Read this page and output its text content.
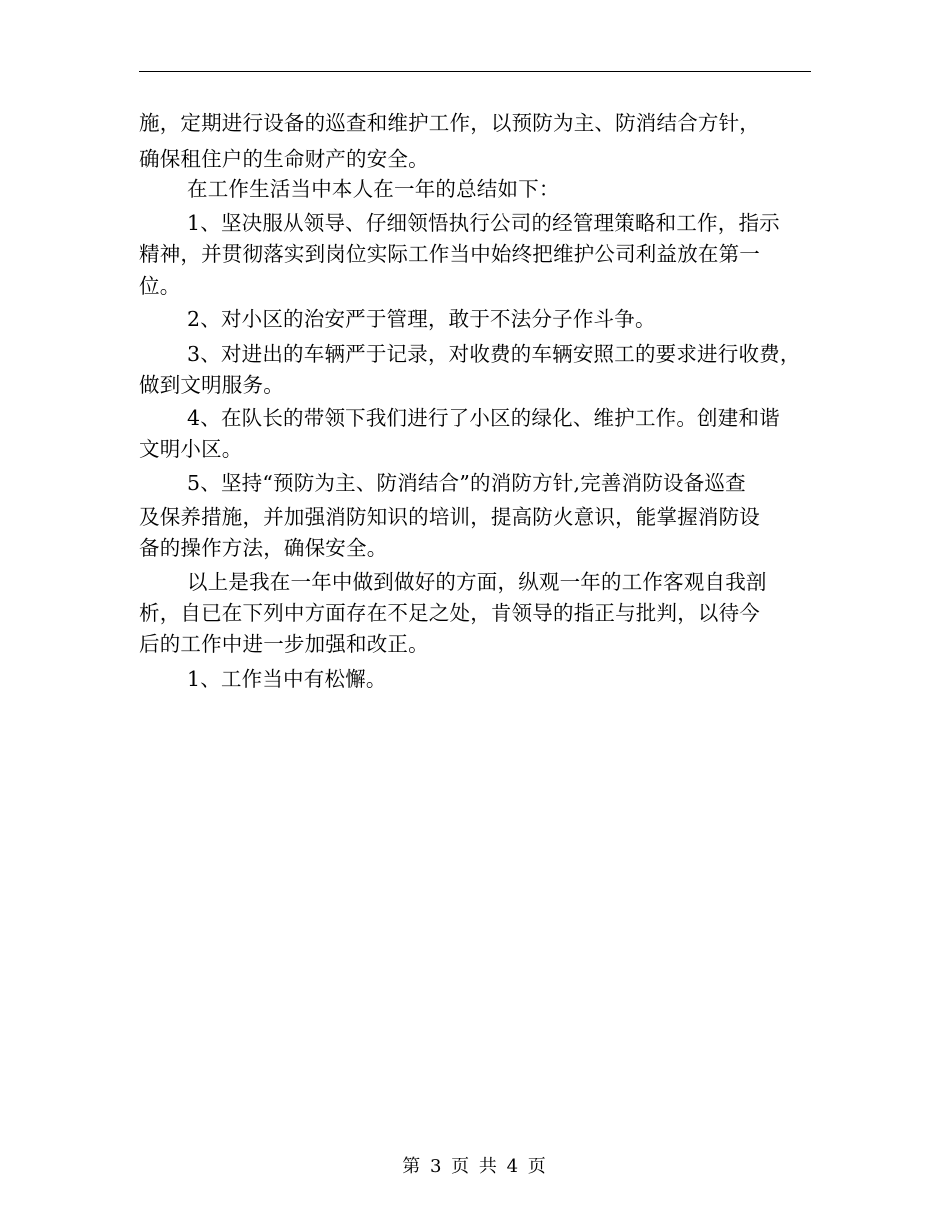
施，定期进行设备的巡查和维护工作，以预防为主、防消结合方针，
确保租住户的生命财产的安全。
在工作生活当中本人在一年的总结如下：
1、坚决服从领导、仔细领悟执行公司的经管理策略和工作，指示
精神，并贯彻落实到岗位实际工作当中始终把维护公司利益放在第一
位。
2、对小区的治安严于管理，敢于不法分子作斗争。
3、对进出的车辆严于记录，对收费的车辆安照工的要求进行收费，
做到文明服务。
4、在队长的带领下我们进行了小区的绿化、维护工作。创建和谐
文明小区。
5、坚持“预防为主、防消结合”的消防方针,完善消防设备巡查
及保养措施，并加强消防知识的培训，提高防火意识，能掌握消防设
备的操作方法，确保安全。
以上是我在一年中做到做好的方面，纵观一年的工作客观自我剖
析，自已在下列中方面存在不足之处，肯领导的指正与批判，以待今
后的工作中进一步加强和改正。
1、工作当中有松懈。
第 3 页 共 4 页
